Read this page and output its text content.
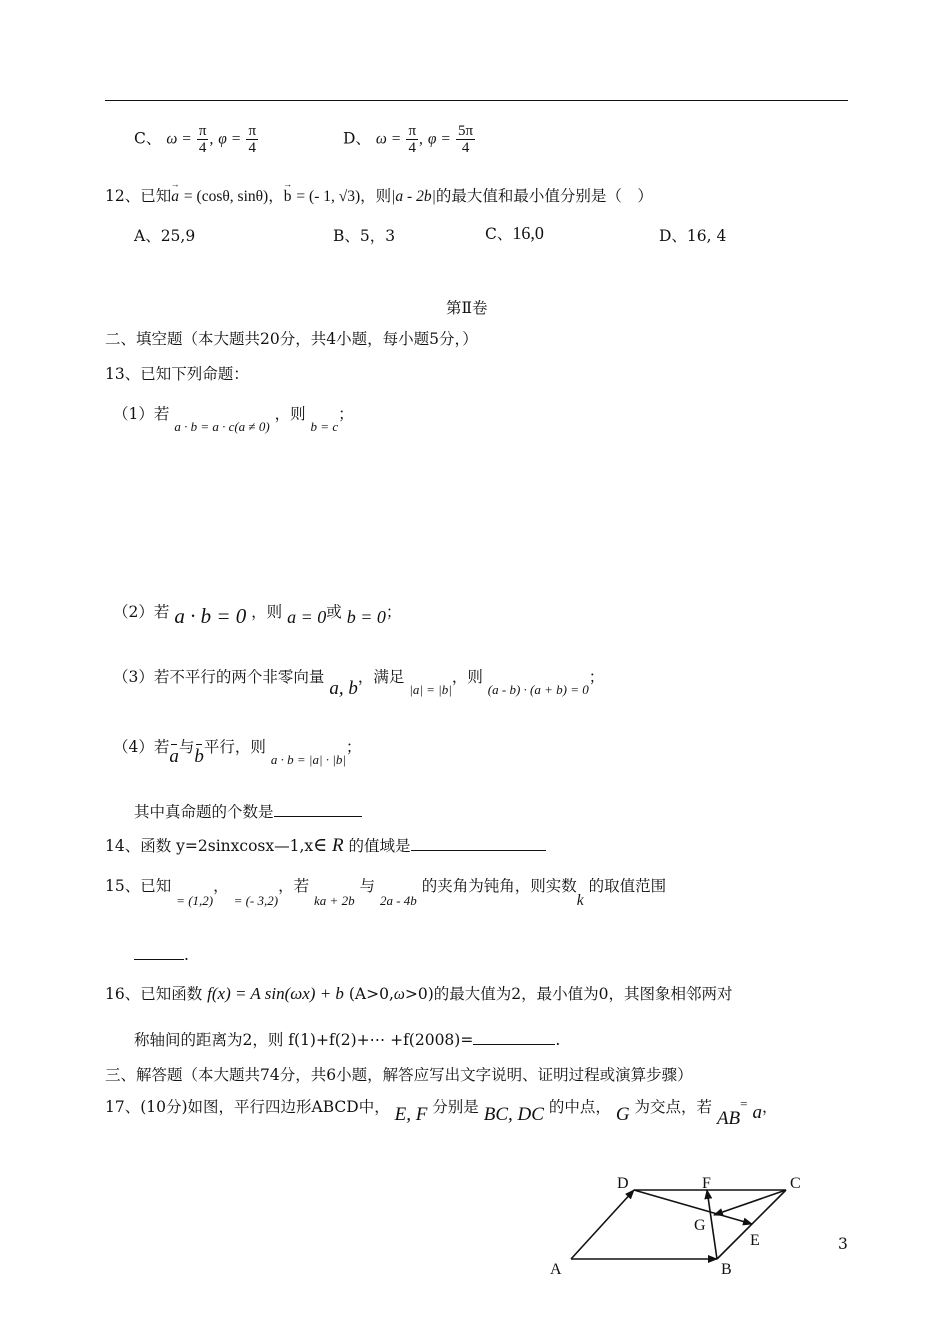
C、 $\omega = \frac{\pi}{4}$ , $\varphi = \frac{\pi}{4}$	D、 $\omega = \frac{\pi}{4}$ , $\varphi = \frac{5\pi}{4}$
12、已知→ a = (cosθ, sinθ)，→ b = (- 1, √3)，则|a - 2b|的最大值和最小值分别是（　）
A、25,9	B、5，3	C、16,0	D、16, 4
第Ⅱ卷
二、填空题（本大题共20分，共4小题，每小题5分，）
13、已知下列命题：
（1）若 $_{a \cdot b = a \cdot c(a \ne 0)}$ ，则 $_{b = c}$；
（2）若 a · b = 0 ，则 a = 0或 b = 0；
（3）若不平行的两个非零向量 a, b，满足 $_{|a| = |b|}$，则 $_{(a - b) \cdot (a + b) = 0}$；
（4）若a与b平行，则 $_{a \cdot b = |a| \cdot |b|}$；
其中真命题的个数是
14、函数 y=2sinxcosx—1,x∈ R 的值域是
15、已知 $_{= (1,2)}$， $_{= (- 3,2)}$，若 $_{ka + 2b}$ 与 $_{2a - 4b}$ 的夹角为钝角，则实数k 的取值范围
.
16、已知函数 f(x) = A sin(ωx) + b (A>0,ω>0)的最大值为2，最小值为0，其图象相邻两对
称轴间的距离为2，则 f(1)+f(2)+⋯ +f(2008)=	.
三、解答题（本大题共74分，共6小题，解答应写出文字说明、证明过程或演算步骤）
17、(10分)如图，平行四边形ABCD中， E, F 分别是 BC, DC 的中点， G 为交点，若 AB= a，
A	B
C
D
E
F
G
3
